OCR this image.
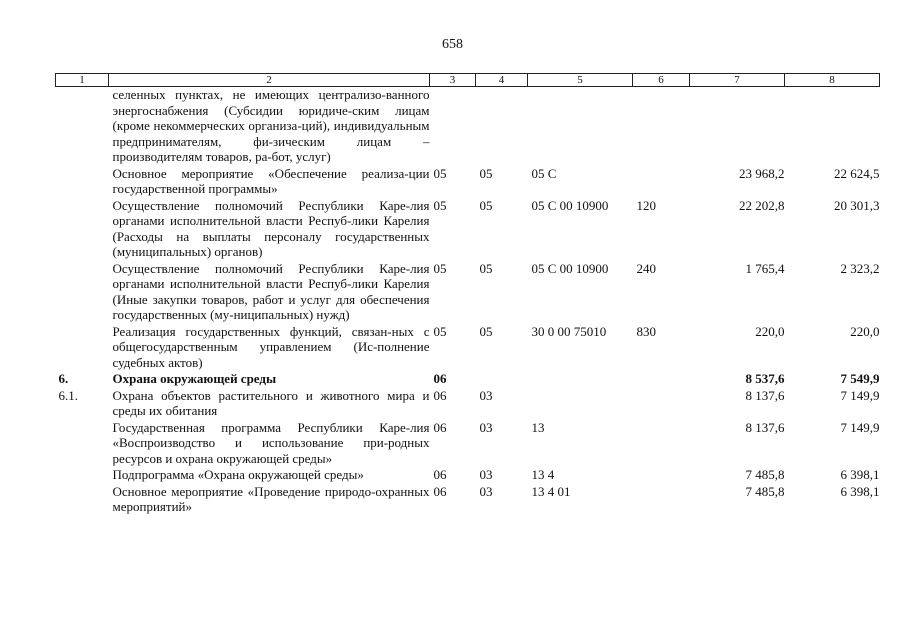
658
1	2	3	4	5	6	7	8
	селенных пунктах, не имеющих централизо-ванного энергоснабжения (Субсидии юридиче-ским лицам (кроме некоммерческих организа-ций), индивидуальным предпринимателям, фи-зическим лицам – производителям товаров, ра-бот, услуг)						
	Основное мероприятие «Обеспечение реализа-ции государственной программы»	05	05	05 С		23 968,2	22 624,5
	Осуществление полномочий Республики Каре-лия органами исполнительной власти Респуб-лики Карелия (Расходы на выплаты персоналу государственных (муниципальных) органов)	05	05	05 С 00 10900	120	22 202,8	20 301,3
	Осуществление полномочий Республики Каре-лия органами исполнительной власти Респуб-лики Карелия (Иные закупки товаров, работ и услуг для обеспечения государственных (му-ниципальных) нужд)	05	05	05 С 00 10900	240	1 765,4	2 323,2
	Реализация государственных функций, связан-ных с общегосударственным управлением (Ис-полнение судебных актов)	05	05	30 0 00 75010	830	220,0	220,0
6.	Охрана окружающей среды	06				8 537,6	7 549,9
6.1.	Охрана объектов растительного и животного мира и среды их обитания	06	03			8 137,6	7 149,9
	Государственная программа Республики Каре-лия «Воспроизводство и использование при-родных ресурсов и охрана окружающей среды»	06	03	13		8 137,6	7 149,9
	Подпрограмма «Охрана окружающей среды»	06	03	13 4		7 485,8	6 398,1
	Основное мероприятие «Проведение природо-охранных мероприятий»	06	03	13 4 01		7 485,8	6 398,1
